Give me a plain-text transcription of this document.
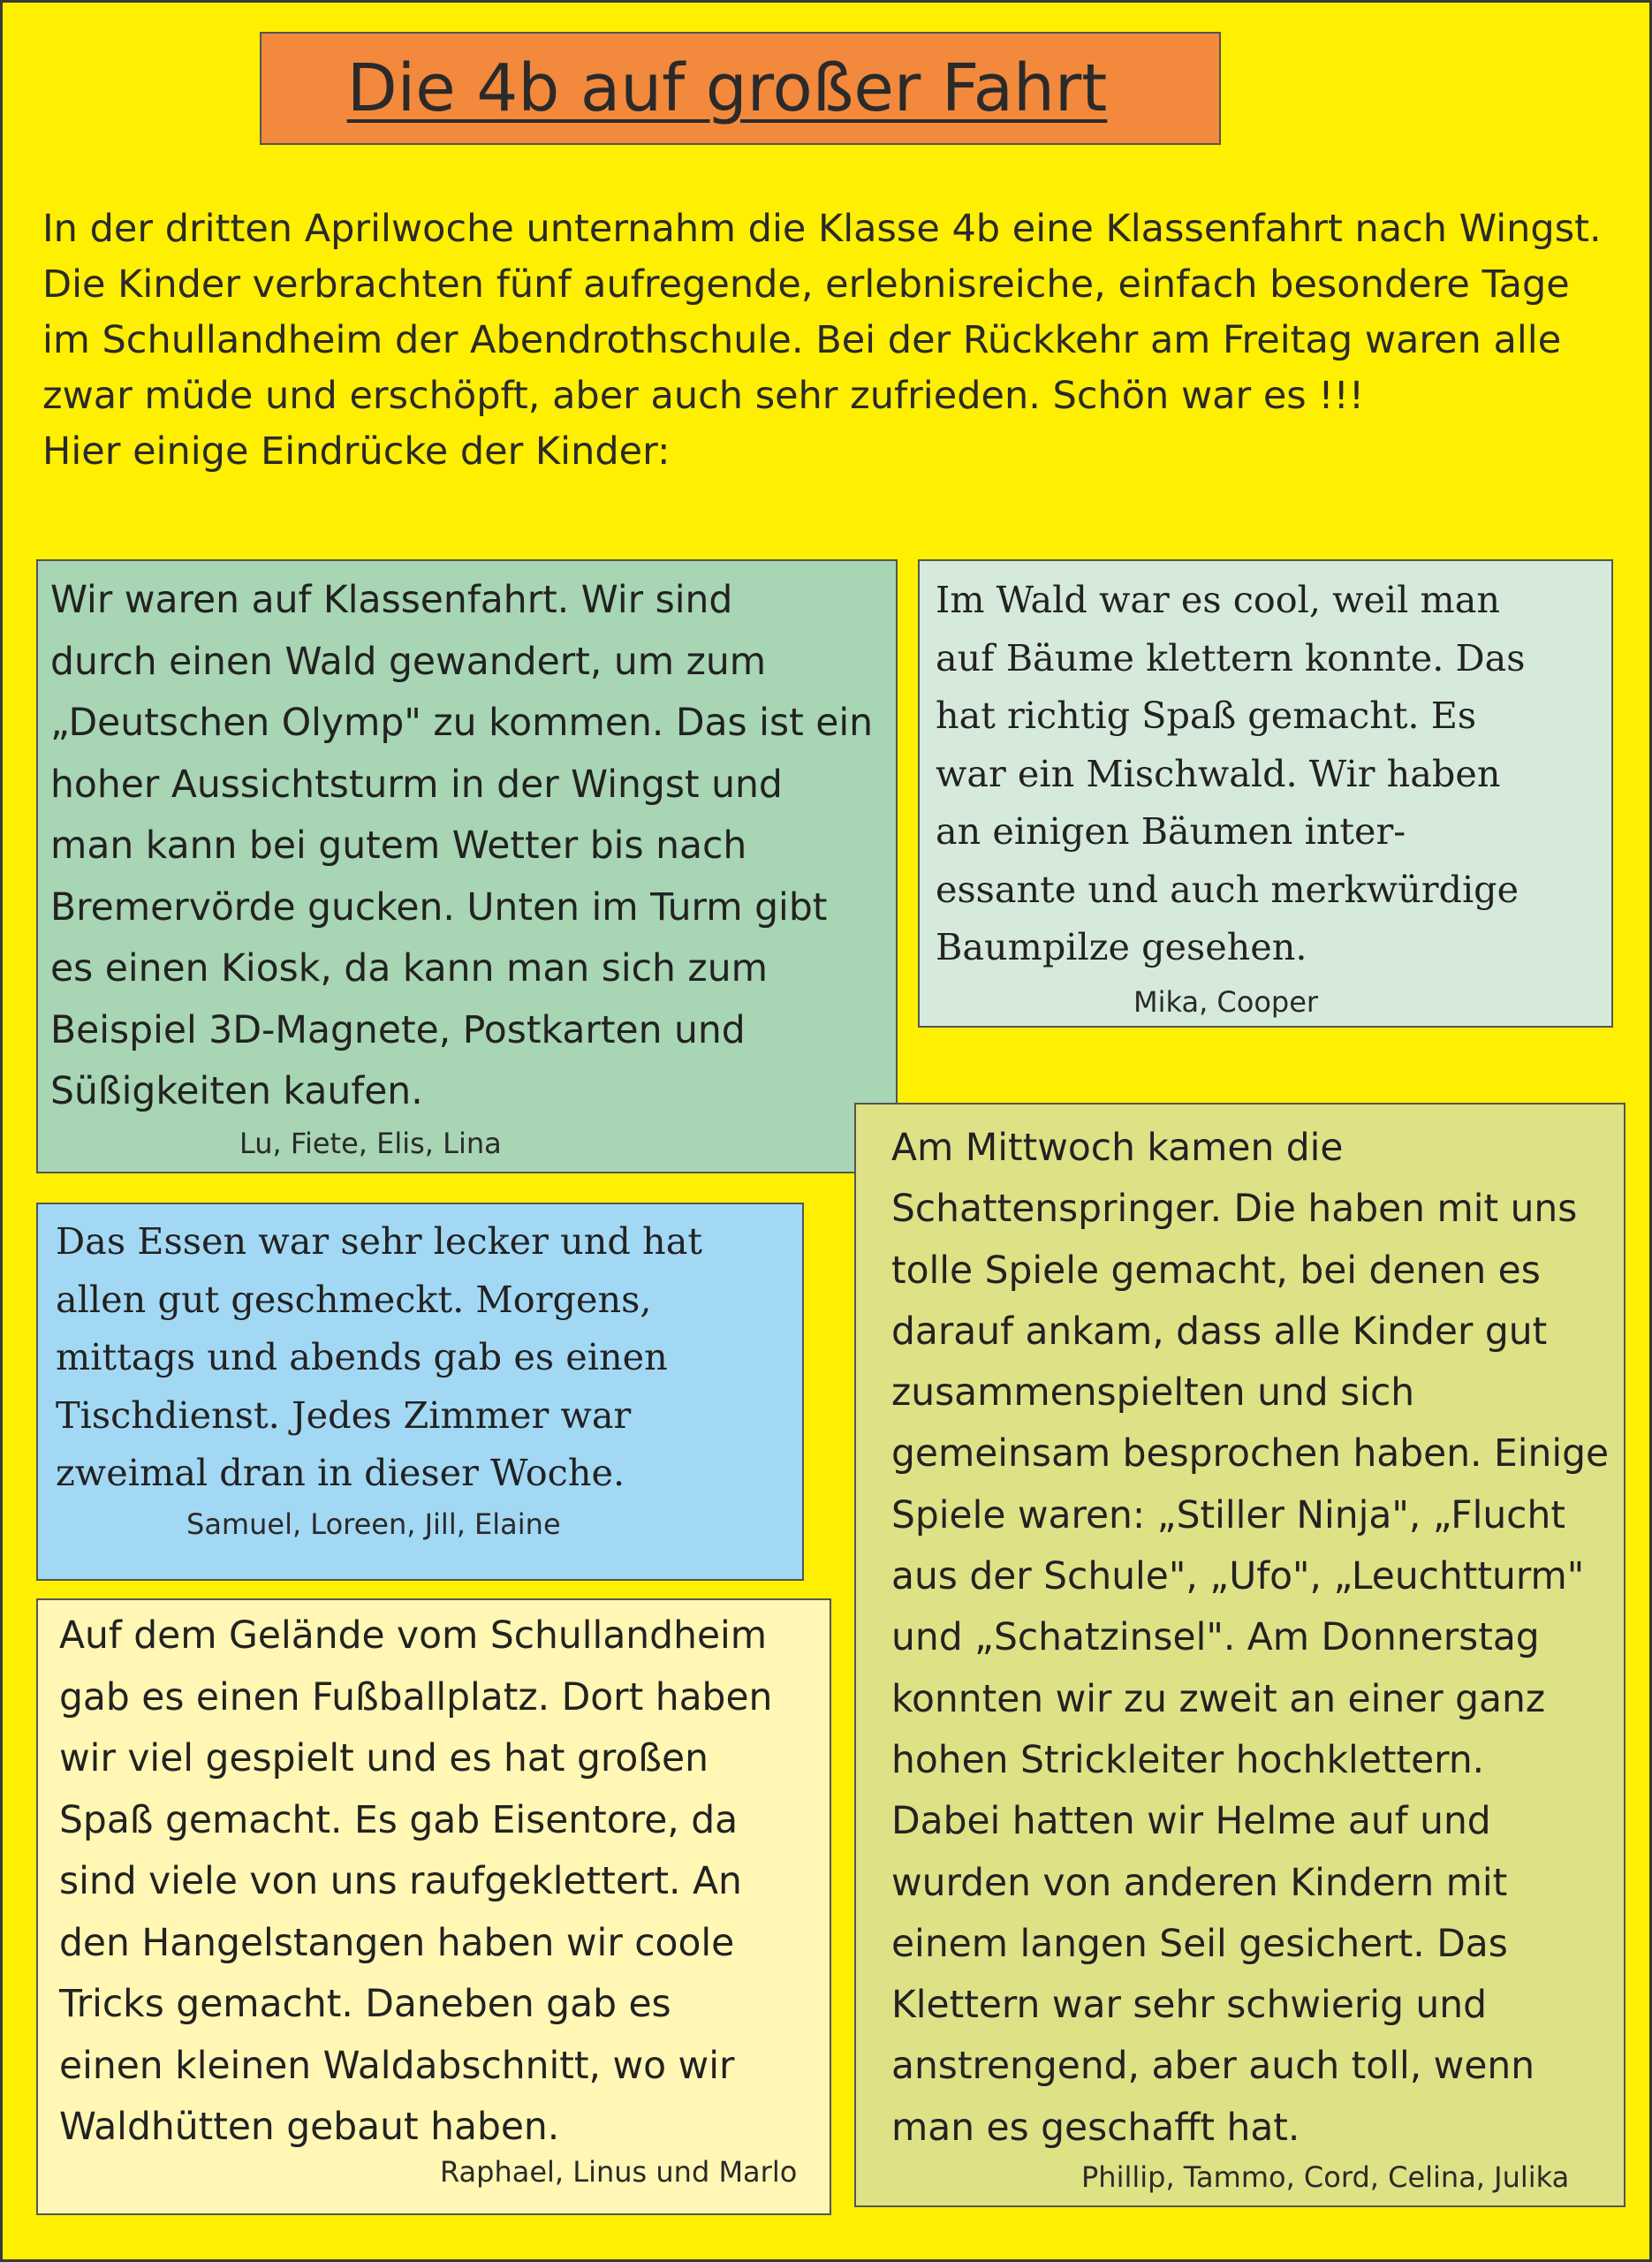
Die 4b auf großer Fahrt
In der dritten Aprilwoche unternahm die Klasse 4b eine Klassenfahrt nach Wingst.
Die Kinder verbrachten fünf aufregende, erlebnisreiche, einfach besondere Tage
im Schullandheim der Abendrothschule. Bei der Rückkehr am Freitag waren alle
zwar müde und erschöpft, aber auch sehr zufrieden. Schön war es !!!
Hier einige Eindrücke der Kinder:
Wir waren auf Klassenfahrt. Wir sind
durch einen Wald gewandert, um zum
„Deutschen Olymp" zu kommen. Das ist ein
hoher Aussichtsturm in der Wingst und
man kann bei gutem Wetter bis nach
Bremervörde gucken. Unten im Turm gibt
es einen Kiosk, da kann man sich zum
Beispiel 3D-Magnete, Postkarten und
Süßigkeiten kaufen.
Lu, Fiete, Elis, Lina
Im Wald war es cool, weil man
auf Bäume klettern konnte. Das
hat richtig Spaß gemacht. Es
war ein Mischwald. Wir haben
an einigen Bäumen inter-
essante und auch merkwürdige
Baumpilze gesehen.
Mika, Cooper
Das Essen war sehr lecker und hat
allen gut geschmeckt. Morgens,
mittags und abends gab es einen
Tischdienst. Jedes Zimmer war
zweimal dran in dieser Woche.
Samuel, Loreen, Jill, Elaine
Auf dem Gelände vom Schullandheim
gab es einen Fußballplatz. Dort haben
wir viel gespielt und es hat großen
Spaß gemacht. Es gab Eisentore, da
sind viele von uns raufgeklettert. An
den Hangelstangen haben wir coole
Tricks gemacht. Daneben gab es
einen kleinen Waldabschnitt, wo wir
Waldhütten gebaut haben.
Raphael, Linus und Marlo
Am Mittwoch kamen die
Schattenspringer. Die haben mit uns
tolle Spiele gemacht, bei denen es
darauf ankam, dass alle Kinder gut
zusammenspielten und sich
gemeinsam besprochen haben. Einige
Spiele waren: „Stiller Ninja", „Flucht
aus der Schule", „Ufo", „Leuchtturm"
und „Schatzinsel". Am Donnerstag
konnten wir zu zweit an einer ganz
hohen Strickleiter hochklettern.
Dabei hatten wir Helme auf und
wurden von anderen Kindern mit
einem langen Seil gesichert. Das
Klettern war sehr schwierig und
anstrengend, aber auch toll, wenn
man es geschafft hat.
Phillip, Tammo, Cord, Celina, Julika
